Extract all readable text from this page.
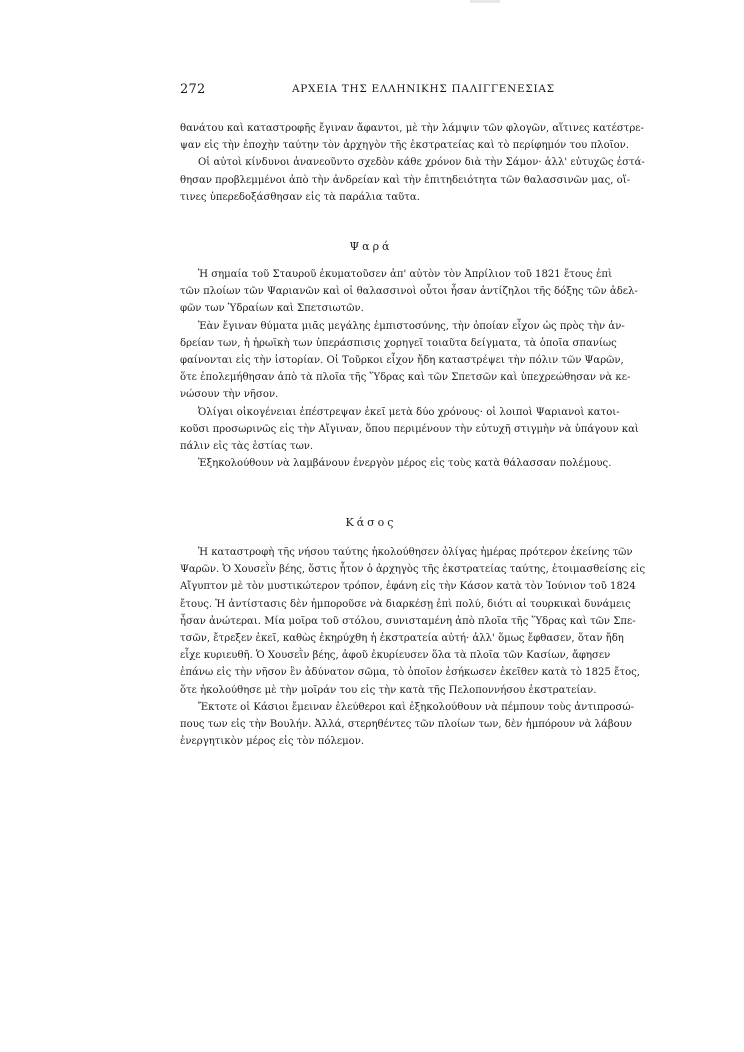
272	ΑΡΧΕΙΑ ΤΗΣ ΕΛΛΗΝΙΚΗΣ ΠΑΛΙΓΓΕΝΕΣΙΑΣ

θανάτου καὶ καταστροφῆς ἔγιναν ἄφαντοι, μὲ τὴν λάμψιν τῶν φλογῶν, αἵτινες κατέστρε-
ψαν εἰς τὴν ἐποχὴν ταύτην τὸν ἀρχηγὸν τῆς ἐκστρατείας καὶ τὸ περίφημόν του πλοῖον.

Οἱ αὐτοὶ κίνδυνοι ἀνανεοῦντο σχεδὸν κάθε χρόνον διὰ τὴν Σάμον· ἀλλ' εὐτυχῶς ἐστά-
θησαν προβλεμμένοι ἀπὸ τὴν ἀνδρείαν καὶ τὴν ἐπιτηδειότητα τῶν θαλασσινῶν μας, οἵ-
τινες ὑπερεδοξάσθησαν εἰς τὰ παράλια ταῦτα.

Ψαρά

Ἡ σημαία τοῦ Σταυροῦ ἐκυματοῦσεν ἀπ' αὐτὸν τὸν Ἀπρίλιον τοῦ 1821 ἔτους ἐπὶ
τῶν πλοίων τῶν Ψαριανῶν καὶ οἱ θαλασσινοὶ οὗτοι ἦσαν ἀντίζηλοι τῆς δόξης τῶν ἀδελ-
φῶν των Ὑδραίων καὶ Σπετσιωτῶν.

Ἐὰν ἔγιναν θύματα μιᾶς μεγάλης ἐμπιστοσύνης, τὴν ὁποίαν εἶχον ὡς πρὸς τὴν ἀν-
δρείαν των, ἡ ἡρωϊκὴ των ὑπεράσπισις χορηγεῖ τοιαῦτα δείγματα, τὰ ὁποῖα σπανίως
φαίνονται εἰς τὴν ἱστορίαν. Οἱ Τοῦρκοι εἶχον ἤδη καταστρέψει τὴν πόλιν τῶν Ψαρῶν,
ὅτε ἐπολεμήθησαν ἀπὸ τὰ πλοῖα τῆς Ὕδρας καὶ τῶν Σπετσῶν καὶ ὑπεχρεώθησαν νὰ κε-
νώσουν τὴν νῆσον.

Ὀλίγαι οἰκογένειαι ἐπέστρεψαν ἐκεῖ μετὰ δύο χρόνους· οἱ λοιποὶ Ψαριανοὶ κατοι-
κοῦσι προσωρινῶς εἰς τὴν Αἴγιναν, ὅπου περιμένουν τὴν εὐτυχῆ στιγμὴν νὰ ὑπάγουν καὶ
πάλιν εἰς τὰς ἑστίας των.

Ἐξηκολούθουν νὰ λαμβάνουν ἐνεργὸν μέρος εἰς τοὺς κατὰ θάλασσαν πολέμους.

Κάσος

Ἡ καταστροφὴ τῆς νήσου ταύτης ἠκολούθησεν ὀλίγας ἡμέρας πρότερον ἐκείνης τῶν
Ψαρῶν. Ὁ Χουσεῒν βέης, ὅστις ἦτον ὁ ἀρχηγὸς τῆς ἐκστρατείας ταύτης, ἑτοιμασθείσης εἰς
Αἴγυπτον μὲ τὸν μυστικώτερον τρόπον, ἐφάνη εἰς τὴν Κάσον κατὰ τὸν Ἰούνιον τοῦ 1824
ἔτους. Ἡ ἀντίστασις δὲν ἠμποροῦσε νὰ διαρκέσῃ ἐπὶ πολύ, διότι αἱ τουρκικαὶ δυνάμεις
ἦσαν ἀνώτεραι. Μία μοῖρα τοῦ στόλου, συνισταμένη ἀπὸ πλοῖα τῆς Ὕδρας καὶ τῶν Σπε-
τσῶν, ἔτρεξεν ἐκεῖ, καθὼς ἐκηρύχθη ἡ ἐκστρατεία αὐτή· ἀλλ' ὅμως ἔφθασεν, ὅταν ἤδη
εἶχε κυριευθῆ. Ὁ Χουσεῒν βέης, ἀφοῦ ἐκυρίευσεν ὅλα τὰ πλοῖα τῶν Κασίων, ἄφησεν
ἐπάνω εἰς τὴν νῆσον ἓν ἀδύνατον σῶμα, τὸ ὁποῖον ἐσήκωσεν ἐκεῖθεν κατὰ τὸ 1825 ἔτος,
ὅτε ἠκολούθησε μὲ τὴν μοῖράν του εἰς τὴν κατὰ τῆς Πελοποννήσου ἐκστρατείαν.

Ἔκτοτε οἱ Κάσιοι ἔμειναν ἐλεύθεροι καὶ ἐξηκολούθουν νὰ πέμπουν τοὺς ἀντιπροσώ-
πους των εἰς τὴν Βουλήν. Ἀλλά, στερηθέντες τῶν πλοίων των, δὲν ἠμπόρουν νὰ λάβουν
ἐνεργητικὸν μέρος εἰς τὸν πόλεμον.
